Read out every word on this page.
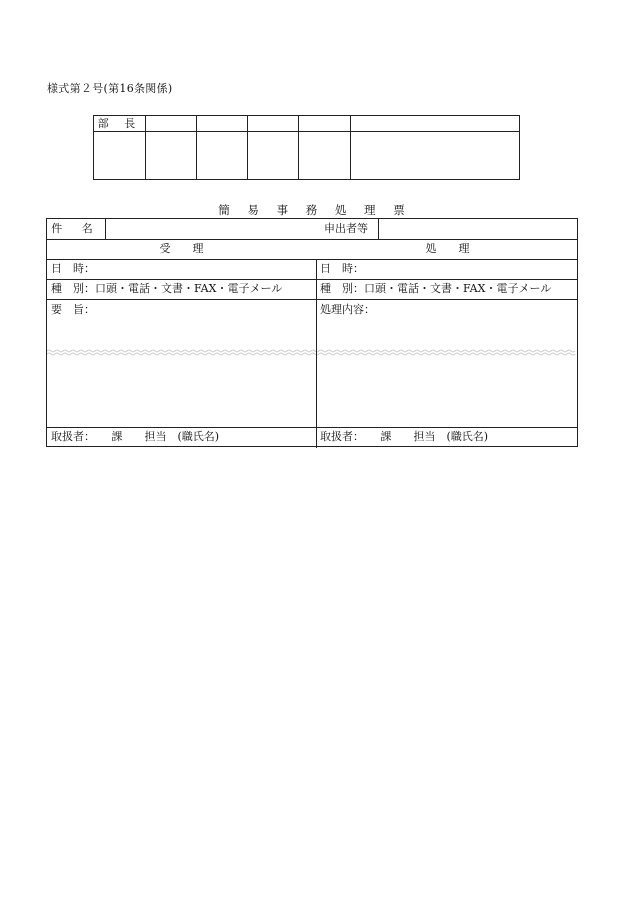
様式第２号(第16条関係)
部 長
簡 易 事 務 処 理 票
件 名	申出者等
受　　理	処　　理
日　時：	日　時：
種　別：口頭・電話・文書・FAX・電子メール	種　別：口頭・電話・文書・FAX・電子メール
要　旨：	処理内容：
取扱者：　　課　　担当　(職氏名)	取扱者：　　課　　担当　(職氏名)
